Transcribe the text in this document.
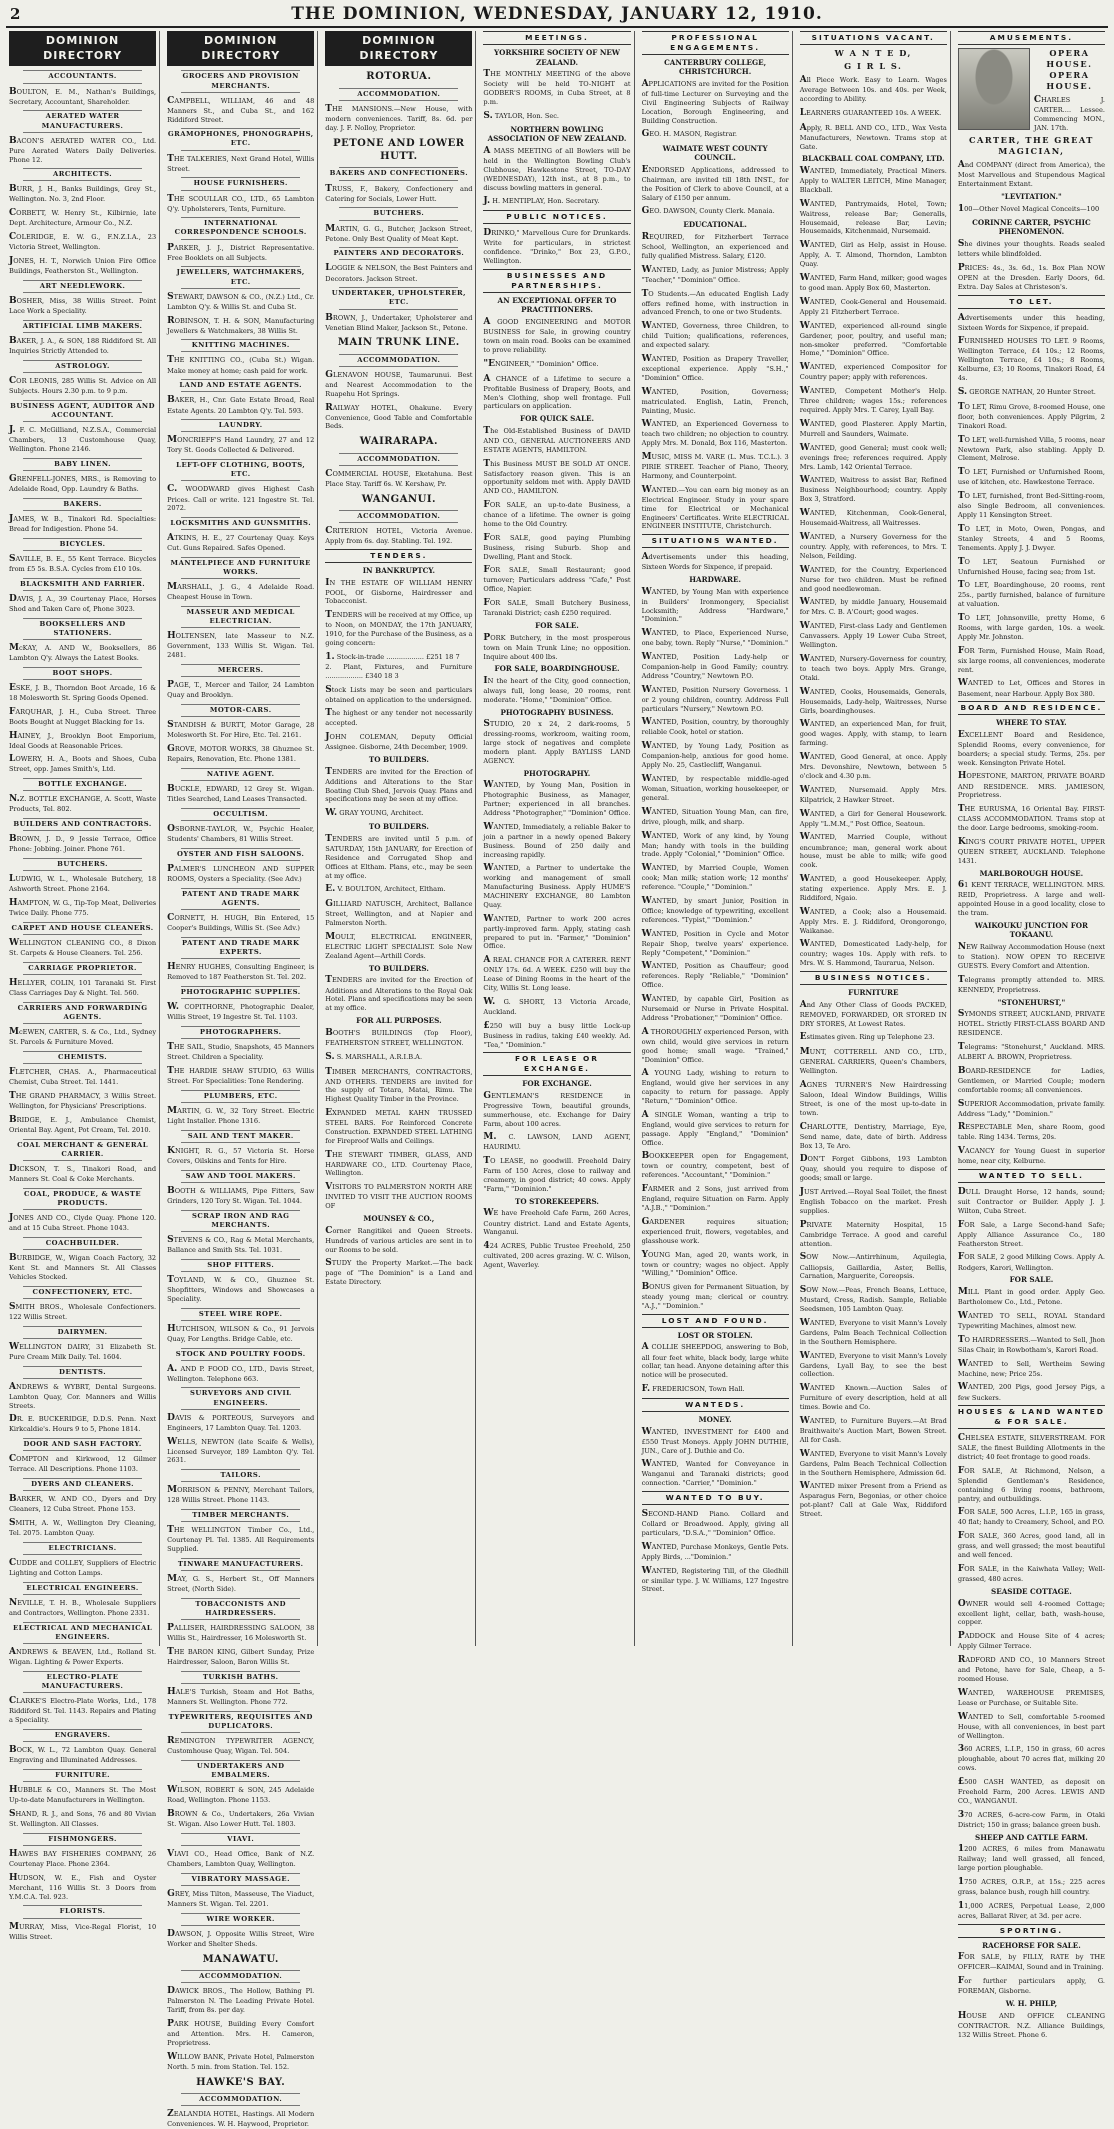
2	THE DOMINION, WEDNESDAY, JANUARY 12, 1910.
DOMINION DIRECTORY
ACCOUNTANTS.
BOULTON, E. M., Nathan's Buildings, Secretary, Accountant, Shareholder.
AERATED WATER MANUFACTURERS.
BACON'S AERATED WATER CO., Ltd. Pure Aerated Waters Daily Deliveries. Phone 12.
ARCHITECTS.
BURR, J. H., Banks Buildings, Grey St., Wellington. No. 3, 2nd Floor.
CORBETT, W. Henry St., Kilbirnie, late Dept. Architecture, Armour Co., N.Z.
COLERIDGE, E. W. G., F.N.Z.I.A., 23 Victoria Street, Wellington.
JONES, H. T., Norwich Union Fire Office Buildings, Featherston St., Wellington.
ART NEEDLEWORK.
BOSHER, Miss, 38 Willis Street. Point Lace Work a Speciality.
ARTIFICIAL LIMB MAKERS.
BAKER, J. A., & SON, 188 Riddiford St. All Inquiries Strictly Attended to.
ASTROLOGY.
COR LEONIS, 285 Willis St. Advice on All Subjects. Hours 2.30 p.m. to 9 p.m.
BUSINESS AGENT, AUDITOR AND ACCOUNTANT.
J. F. C. McGilliand, N.Z.S.A., Commercial Chambers, 13 Customhouse Quay, Wellington. Phone 2146.
BABY LINEN.
GRENFELL-JONES, MRS., is Removing to Adelaide Road, Opp. Laundry & Baths.
BAKERS.
JAMES, W. B., Tinakori Rd. Specialties: Bread for Indigestion. Phone 54.
BICYCLES.
SAVILLE, B. E., 55 Kent Terrace. Bicycles from £5 5s. B.S.A. Cycles from £10 10s.
BLACKSMITH AND FARRIER.
DAVIS, J. A., 39 Courtenay Place, Horses Shod and Taken Care of, Phone 3023.
BOOKSELLERS AND STATIONERS.
McKAY, A. AND W., Booksellers, 86 Lambton Q'y. Always the Latest Books.
BOOT SHOPS.
ESKE, J. B., Thorndon Boot Arcade, 16 & 18 Molesworth St. Spring Goods Opened.
FARQUHAR, J. H., Cuba Street. Three Boots Bought at Nugget Blacking for 1s.
HAINEY, J., Brooklyn Boot Emporium, Ideal Goods at Reasonable Prices.
LOWERY, H. A., Boots and Shoes, Cuba Street, opp. James Smith's, Ltd.
BOTTLE EXCHANGE.
N.Z. BOTTLE EXCHANGE, A. Scott, Waste Products, Tel. 802.
BUILDERS AND CONTRACTORS.
BROWN, J. D., 9 Jessie Terrace, Office Phone: Jobbing. Joiner. Phone 761.
BUTCHERS.
LUDWIG, W. L., Wholesale Butchery, 18 Ashworth Street. Phone 2164.
HAMPTON, W. G., Tip-Top Meat, Deliveries Twice Daily. Phone 775.
CARPET AND HOUSE CLEANERS.
WELLINGTON CLEANING CO., 8 Dixon St. Carpets & House Cleaners. Tel. 256.
CARRIAGE PROPRIETOR.
HELLYER, COLIN, 101 Taranaki St. First Class Carriages Day & Night. Tel. 560.
CARRIERS AND FORWARDING AGENTS.
McEWEN, CARTER, S. & Co., Ltd., Sydney St. Parcels & Furniture Moved.
CHEMISTS.
FLETCHER, CHAS. A., Pharmaceutical Chemist, Cuba Street. Tel. 1441.
THE GRAND PHARMACY, 3 Willis Street. Wellington, for Physicians' Prescriptions.
BRIDGE, E. J., Ambulance Chemist, Oriental Bay. Agent, Pot Cream, Tel. 2010.
COAL MERCHANT & GENERAL CARRIER.
DICKSON, T. S., Tinakori Road, and Manners St. Coal & Coke Merchants.
COAL, PRODUCE, & WASTE PRODUCTS.
JONES AND CO., Clyde Quay. Phone 120. and at 15 Cuba Street. Phone 1043.
COACHBUILDER.
BURBIDGE, W., Wigan Coach Factory, 32 Kent St. and Manners St. All Classes Vehicles Stocked.
CONFECTIONERY, ETC.
SMITH BROS., Wholesale Confectioners. 122 Willis Street.
DAIRYMEN.
WELLINGTON DAIRY, 31 Elizabeth St. Pure Cream Milk Daily. Tel. 1604.
DENTISTS.
ANDREWS & WYBRT, Dental Surgeons. Lambton Quay, Cor. Manners and Willis Streets.
DR. E. BUCKERIDGE, D.D.S. Penn. Next Kirkcaldie's. Hours 9 to 5, Phone 1814.
DOOR AND SASH FACTORY.
COMPTON and Kirkwood, 12 Gilmer Terrace. All Descriptions. Phone 1103.
DYERS AND CLEANERS.
BARKER, W. AND CO., Dyers and Dry Cleaners, 12 Cuba Street. Phone 153.
SMITH, A. W., Wellington Dry Cleaning, Tel. 2075. Lambton Quay.
ELECTRICIANS.
CUDDE and COLLEY, Suppliers of Electric Lighting and Cotton Lamps.
ELECTRICAL ENGINEERS.
NEVILLE, T. H. B., Wholesale Suppliers and Contractors, Wellington. Phone 2331.
ELECTRICAL AND MECHANICAL ENGINEERS.
ANDREWS & BEAVEN, Ltd., Rolland St. Wigan. Lighting & Power Experts.
ELECTRO-PLATE MANUFACTURERS.
CLARKE'S Electro-Plate Works, Ltd., 178 Riddiford St. Tel. 1143. Repairs and Plating a Speciality.
ENGRAVERS.
BOCK, W. L., 72 Lambton Quay. General Engraving and Illuminated Addresses.
FURNITURE.
HUBBLE & CO., Manners St. The Most Up-to-date Manufacturers in Wellington.
SHAND, R. J., and Sons, 76 and 80 Vivian St. Wellington. All Classes.
FISHMONGERS.
HAWES BAY FISHERIES COMPANY, 26 Courtenay Place. Phone 2364.
HUDSON, W. E., Fish and Oyster Merchant, 116 Willis St. 3 Doors from Y.M.C.A. Tel. 923.
FLORISTS.
MURRAY, Miss, Vice-Regal Florist, 10 Willis Street.
DOMINION DIRECTORY
GROCERS AND PROVISION MERCHANTS.
CAMPBELL, WILLIAM, 46 and 48 Manners St., and Cuba St., and 162 Riddiford Street.
GRAMOPHONES, PHONOGRAPHS, ETC.
THE TALKERIES, Next Grand Hotel, Willis Street.
HOUSE FURNISHERS.
THE SCOULLAR CO., LTD., 65 Lambton Q'y. Upholsterers, Tents, Furniture.
INTERNATIONAL CORRESPONDENCE SCHOOLS.
PARKER, J. J., District Representative. Free Booklets on all Subjects.
JEWELLERS, WATCHMAKERS, ETC.
STEWART, DAWSON & CO., (N.Z.) Ltd., Cr. Lambton Q'y. & Willis St. and Cuba St.
ROBINSON, T. H. & SON, Manufacturing Jewellers & Watchmakers, 38 Willis St.
KNITTING MACHINES.
THE KNITTING CO., (Cuba St.) Wigan. Make money at home; cash paid for work.
LAND AND ESTATE AGENTS.
BAKER, H., Cnr. Gate Estate Broad, Real Estate Agents. 20 Lambton Q'y. Tel. 593.
LAUNDRY.
MONCRIEFF'S Hand Laundry, 27 and 12 Tory St. Goods Collected & Delivered.
LEFT-OFF CLOTHING, BOOTS, ETC.
C. WOODWARD gives Highest Cash Prices. Call or write. 121 Ingestre St. Tel. 2072.
LOCKSMITHS AND GUNSMITHS.
ATKINS, H. E., 27 Courtenay Quay. Keys Cut. Guns Repaired. Safes Opened.
MANTELPIECE AND FURNITURE WORKS.
MARSHALL, J. G., 4 Adelaide Road. Cheapest House in Town.
MASSEUR AND MEDICAL ELECTRICIAN.
HOLTENSEN, late Masseur to N.Z. Government, 133 Willis St. Wigan. Tel. 2481.
MERCERS.
PAGE, T., Mercer and Tailor, 24 Lambton Quay and Brooklyn.
MOTOR-CARS.
STANDISH & BURTT, Motor Garage, 28 Molesworth St. For Hire, Etc. Tel. 2161.
GROVE, MOTOR WORKS, 38 Ghuznee St. Repairs, Renovation, Etc. Phone 1381.
NATIVE AGENT.
BUCKLE, EDWARD, 12 Grey St. Wigan. Titles Searched, Land Leases Transacted.
OCCULTISM.
OSBORNE-TAYLOR, W., Psychic Healer, Students' Chambers, 81 Willis Street.
OYSTER AND FISH SALOONS.
PALMER'S LUNCHEON AND SUPPER ROOMS, Oysters a Speciality. (See Adv.)
PATENT AND TRADE MARK AGENTS.
CORNETT, H. HUGH, Bin Entered, 15 Cooper's Buildings, Willis St. (See Adv.)
PATENT AND TRADE MARK EXPERTS.
HENRY HUGHES, Consulting Engineer, is Removed to 187 Featherston St. Tel. 202.
PHOTOGRAPHIC SUPPLIES.
W. COPITHORNE, Photographic Dealer, Willis Street, 19 Ingestre St. Tel. 1103.
PHOTOGRAPHERS.
THE SAIL, Studio, Snapshots, 45 Manners Street. Children a Speciality.
THE HARDIE SHAW STUDIO, 63 Willis Street. For Specialities: Tone Rendering.
PLUMBERS, ETC.
MARTIN, G. W., 32 Tory Street. Electric Light Installer. Phone 1316.
SAIL AND TENT MAKER.
KNIGHT, R. G., 57 Victoria St. Horse Covers, Oilskins and Tents for Hire.
SAW AND TOOL MAKERS.
BOOTH & WILLIAMS, Pipe Fitters, Saw Grinders, 120 Tory St. Wigan. Tel. 1044.
SCRAP IRON AND RAG MERCHANTS.
STEVENS & CO., Rag & Metal Merchants, Ballance and Smith Sts. Tel. 1031.
SHOP FITTERS.
TOYLAND, W. & CO., Ghuznee St. Shopfitters, Windows and Showcases a Speciality.
STEEL WIRE ROPE.
HUTCHISON, WILSON & Co., 91 Jervois Quay, For Lengths. Bridge Cable, etc.
STOCK AND POULTRY FOODS.
A. AND P. FOOD CO., LTD., Davis Street, Wellington. Telephone 663.
SURVEYORS AND CIVIL ENGINEERS.
DAVIS & PORTEOUS, Surveyors and Engineers, 17 Lambton Quay. Tel. 1203.
WELLS, NEWTON (late Scaife & Wells), Licensed Surveyor, 189 Lambton Q'y. Tel. 2631.
TAILORS.
MORRISON & PENNY, Merchant Tailors, 128 Willis Street. Phone 1143.
TIMBER MERCHANTS.
THE WELLINGTON Timber Co., Ltd., Courtenay Pl. Tel. 1385. All Requirements Supplied.
TINWARE MANUFACTURERS.
MAY, G. S., Herbert St., Off Manners Street, (North Side).
TOBACCONISTS AND HAIRDRESSERS.
PALLISER, HAIRDRESSING SALOON, 38 Willis St., Hairdresser, 16 Molesworth St.
THE BARON KING, Gilbert Sunday, Prize Hairdresser, Saloon, Baron Willis St.
TURKISH BATHS.
HALE'S Turkish, Steam and Hot Baths, Manners St. Wellington. Phone 772.
TYPEWRITERS, REQUISITES AND DUPLICATORS.
REMINGTON TYPEWRITER AGENCY, Customhouse Quay, Wigan. Tel. 504.
UNDERTAKERS AND EMBALMERS.
WILSON, ROBERT & SON, 245 Adelaide Road, Wellington. Phone 1153.
BROWN & Co., Undertakers, 26a Vivian St. Wigan. Also Lower Hutt. Tel. 1803.
VIAVI.
VIAVI CO., Head Office, Bank of N.Z. Chambers, Lambton Quay, Wellington.
VIBRATORY MASSAGE.
GREY, Miss Tilton, Masseuse, The Viaduct, Manners St. Wigan. Tel. 2201.
WIRE WORKER.
DAWSON, J. Opposite Willis Street, Wire Worker and Shelter Sheds.
MANAWATU.
ACCOMMODATION.
DAWICK BROS., The Hollow, Bathing Pl. Palmerston N. The Leading Private Hotel. Tariff, from 8s. per day.
PARK HOUSE, Building Every Comfort and Attention. Mrs. H. Cameron, Proprietress.
WILLOW BANK, Private Hotel, Palmerston North. 5 min. from Station. Tel. 152.
HAWKE'S BAY.
ACCOMMODATION.
ZEALANDIA HOTEL, Hastings. All Modern Conveniences. W. H. Haywood, Proprietor.
DOMINION DIRECTORY
ROTORUA.
ACCOMMODATION.
THE MANSIONS.—New House, with modern conveniences. Tariff, 8s. 6d. per day. J. F. Nolloy, Proprietor.
PETONE AND LOWER HUTT.
BAKERS AND CONFECTIONERS.
TRUSS, F., Bakery, Confectionery and Catering for Socials, Lower Hutt.
BUTCHERS.
MARTIN, G. G., Butcher, Jackson Street, Petone. Only Best Quality of Meat Kept.
PAINTERS AND DECORATORS.
LOGGIE & NELSON, the Best Painters and Decorators. Jackson Street.
UNDERTAKER, UPHOLSTERER, ETC.
BROWN, J., Undertaker, Upholsterer and Venetian Blind Maker, Jackson St., Petone.
MAIN TRUNK LINE.
ACCOMMODATION.
GLENAVON HOUSE, Taumarunui. Best and Nearest Accommodation to the Ruapehu Hot Springs.
RAILWAY HOTEL, Ohakune. Every Convenience, Good Table and Comfortable Beds.
WAIRARAPA.
ACCOMMODATION.
COMMERCIAL HOUSE, Eketahuna. Best Place Stay. Tariff 6s. W. Kershaw, Pr.
WANGANUI.
ACCOMMODATION.
CRITERION HOTEL, Victoria Avenue. Apply from 6s. day. Stabling. Tel. 192.
TENDERS.
IN BANKRUPTCY.
IN THE ESTATE OF WILLIAM HENRY POOL, Of Gisborne, Hairdresser and Tobacconist.
TENDERS will be received at my Office, up to Noon, on MONDAY, the 17th JANUARY, 1910, for the Purchase of the Business, as a going concern:
1. Stock-in-trade .................. £251 18 7
2. Plant, Fixtures, and Furniture .................. £340 18 3
Stock Lists may be seen and particulars obtained on application to the undersigned.
The highest or any tender not necessarily accepted.
JOHN COLEMAN, Deputy Official Assignee. Gisborne, 24th December, 1909.
TO BUILDERS.
TENDERS are invited for the Erection of Additions and Alterations to the Star Boating Club Shed, Jervois Quay. Plans and specifications may be seen at my office.
W. GRAY YOUNG, Architect.
TO BUILDERS.
TENDERS are invited until 5 p.m. of SATURDAY, 15th JANUARY, for Erection of Residence and Corrugated Shop and Offices at Eltham. Plans, etc., may be seen at my office.
E. V. BOULTON, Architect, Eltham.
GILLIARD NATUSCH, Architect, Ballance Street, Wellington, and at Napier and Palmerston North.
MOULT, ELECTRICAL ENGINEER, ELECTRIC LIGHT SPECIALIST. Sole New Zealand Agent—Arthill Cords.
TO BUILDERS.
TENDERS are invited for the Erection of Additions and Alterations to the Royal Oak Hotel. Plans and specifications may be seen at my office.
FOR ALL PURPOSES.
BOOTH'S BUILDINGS (Top Floor), FEATHERSTON STREET, WELLINGTON.
S. S. MARSHALL, A.R.I.B.A.
TIMBER MERCHANTS, CONTRACTORS, AND OTHERS. TENDERS are invited for the supply of Totara, Matai, Rimu. The Highest Quality Timber in the Province.
EXPANDED METAL KAHN TRUSSED STEEL BARS. For Reinforced Concrete Construction. EXPANDED STEEL LATHING for Fireproof Walls and Ceilings.
THE STEWART TIMBER, GLASS, AND HARDWARE CO., LTD. Courtenay Place, Wellington.
VISITORS TO PALMERSTON NORTH ARE INVITED TO VISIT THE AUCTION ROOMS OF
MOUNSEY & CO.,
Corner Rangitikei and Queen Streets. Hundreds of various articles are sent in to our Rooms to be sold.
STUDY the Property Market.—The back page of "The Dominion" is a Land and Estate Directory.
MEETINGS.
YORKSHIRE SOCIETY OF NEW ZEALAND.
THE MONTHLY MEETING of the above Society will be held TO-NIGHT at GODBER'S ROOMS, in Cuba Street, at 8 p.m.
S. TAYLOR, Hon. Sec.
NORTHERN BOWLING ASSOCIATION OF NEW ZEALAND.
A MASS MEETING of all Bowlers will be held in the Wellington Bowling Club's Clubhouse, Hawkestone Street, TO-DAY (WEDNESDAY), 12th inst., at 8 p.m., to discuss bowling matters in general.
J. H. MENTIPLAY, Hon. Secretary.
PUBLIC NOTICES.
DRINKO," Marvellous Cure for Drunkards. Write for particulars, in strictest confidence. "Drinko," Box 23, G.P.O., Wellington.
BUSINESSES AND PARTNERSHIPS.
AN EXCEPTIONAL OFFER TO PRACTITIONERS.
A GOOD ENGINEERING and MOTOR BUSINESS for Sale, in growing country town on main road. Books can be examined to prove reliability.
"ENGINEER," "Dominion" Office.
A CHANCE of a Lifetime to secure a Profitable Business of Drapery, Boots, and Men's Clothing, shop well frontage. Full particulars on application.
FOR QUICK SALE.
The Old-Established Business of DAVID AND CO., GENERAL AUCTIONEERS AND ESTATE AGENTS, HAMILTON.
This Business MUST BE SOLD AT ONCE. Satisfactory reason given. This is an opportunity seldom met with. Apply DAVID AND CO., HAMILTON.
FOR SALE, an up-to-date Business, a chance of a lifetime. The owner is going home to the Old Country.
FOR SALE, good paying Plumbing Business, rising Suburb. Shop and Dwelling, Plant and Stock.
FOR SALE, Small Restaurant; good turnover; Particulars address "Cafe," Post Office, Napier.
FOR SALE, Small Butchery Business, Taranaki District; cash £250 required.
FOR SALE.
PORK Butchery, in the most prosperous town on Main Trunk Line; no opposition. Inquire about 400 lbs.
FOR SALE, BOARDINGHOUSE.
IN the heart of the City, good connection, always full, long lease, 20 rooms, rent moderate. "Home," "Dominion" Office.
PHOTOGRAPHY BUSINESS.
STUDIO, 20 x 24, 2 dark-rooms, 5 dressing-rooms, workroom, waiting room, large stock of negatives and complete modern plant. Apply BAYLISS LAND AGENCY.
PHOTOGRAPHY.
WANTED, by Young Man, Position in Photographic Business, as Manager, Partner; experienced in all branches. Address "Photographer," "Dominion" Office.
WANTED, Immediately, a reliable Baker to join a partner in a newly opened Bakery Business. Bound of 250 daily and increasing rapidly.
WANTED, a Partner to undertake the working and management of small Manufacturing Business. Apply HUME'S MACHINERY EXCHANGE, 80 Lambton Quay.
WANTED, Partner to work 200 acres partly-improved farm. Apply, stating cash prepared to put in. "Farmer," "Dominion" Office.
A REAL CHANCE FOR A CATERER. RENT ONLY 17s. 6d. A WEEK. £250 will buy the Lease of Dining Rooms in the heart of the City, Willis St. Long lease.
W. G. SHORT, 13 Victoria Arcade, Auckland.
£250 will buy a busy little Lock-up Business in radius, taking £40 weekly. Ad. "Tea," "Dominion."
FOR LEASE OR EXCHANGE.
FOR EXCHANGE.
GENTLEMAN'S RESIDENCE in Progressive Town, beautiful grounds, summerhouse, etc. Exchange for Dairy Farm, about 100 acres.
M. C. LAWSON, LAND AGENT, HAURIMU.
TO LEASE, no goodwill. Freehold Dairy Farm of 150 Acres, close to railway and creamery, in good district; 40 cows. Apply "Farm," "Dominion."
TO STOREKEEPERS.
WE have Freehold Cafe Farm, 260 Acres, Country district. Land and Estate Agents, Wanganui.
424 ACRES, Public Trustee Freehold, 250 cultivated, 200 acres grazing. W. C. Wilson, Agent, Waverley.
PROFESSIONAL ENGAGEMENTS.
CANTERBURY COLLEGE, CHRISTCHURCH.
APPLICATIONS are invited for the Position of full-time Lecturer on Surveying and the Civil Engineering Subjects of Railway Location, Borough Engineering, and Building Construction.
GEO. H. MASON, Registrar.
WAIMATE WEST COUNTY COUNCIL.
ENDORSED Applications, addressed to Chairman, are invited till 18th INST., for the Position of Clerk to above Council, at a Salary of £150 per annum.
GEO. DAWSON, County Clerk. Manaia.
EDUCATIONAL.
REQUIRED, for Fitzherbert Terrace School, Wellington, an experienced and fully qualified Mistress. Salary, £120.
WANTED, Lady, as Junior Mistress; Apply "Teacher," "Dominion" Office.
TO Students.—An educated English Lady offers refined home, with instruction in advanced French, to one or two Students.
WANTED, Governess, three Children, to child Tuition; qualifications, references, and expected salary.
WANTED, Position as Drapery Traveller, exceptional experience. Apply "S.H.," "Dominion" Office.
WANTED, Position, Governess; matriculated. English, Latin, French, Painting, Music.
WANTED, an Experienced Governess to teach two children; no objection to country. Apply Mrs. M. Donald, Box 116, Masterton.
MUSIC, MISS M. VARE (L. Mus. T.C.L.). 3 PIRIE STREET. Teacher of Piano, Theory, Harmony, and Counterpoint.
WANTED.—You can earn big money as an Electrical Engineer. Study in your spare time for Electrical or Mechanical Engineers' Certificates. Write ELECTRICAL ENGINEER INSTITUTE, Christchurch.
SITUATIONS WANTED.
Advertisements under this heading, Sixteen Words for Sixpence, if prepaid.
HARDWARE.
WANTED, by Young Man with experience in Builders' Ironmongery, Specialist Locksmith; Address "Hardware," "Dominion."
WANTED, to Place, Experienced Nurse, one baby, town. Reply "Nurse," "Dominion."
WANTED, Position Lady-help or Companion-help in Good Family; country. Address "Country," Newtown P.O.
WANTED, Position Nursery Governess. 1 or 2 young children, country. Address Full particulars "Nursery," Newtown P.O.
WANTED, Position, country, by thoroughly reliable Cook, hotel or station.
WANTED, by Young Lady, Position as Companion-help, anxious for good home. Apply No. 25, Castlecliff, Wanganui.
WANTED, by respectable middle-aged Woman, Situation, working housekeeper, or general.
WANTED, Situation Young Man, can fire, drive, plough, milk, and sharp.
WANTED, Work of any kind, by Young Man; handy with tools in the building trade. Apply "Colonial," "Dominion" Office.
WANTED, by Married Couple, Women cook; Man milk; station work; 12 months' reference. "Couple," "Dominion."
WANTED, by smart Junior, Position in Office; knowledge of typewriting, excellent references. "Typist," "Dominion."
WANTED, Position in Cycle and Motor Repair Shop, twelve years' experience. Reply "Competent," "Dominion."
WANTED, Position as Chauffeur; good references. Reply "Reliable," "Dominion" Office.
WANTED, by capable Girl, Position as Nursemaid or Nurse in Private Hospital. Address "Probationer," "Dominion" Office.
A THOROUGHLY experienced Person, with own child, would give services in return good home; small wage. "Trained," "Dominion" Office.
A YOUNG Lady, wishing to return to England, would give her services in any capacity to return for passage. Apply "Return," "Dominion" Office.
A SINGLE Woman, wanting a trip to England, would give services to return for passage. Apply "England," "Dominion" Office.
BOOKKEEPER open for Engagement, town or country, competent, best of references. "Accountant," "Dominion."
FARMER and 2 Sons, just arrived from England, require Situation on Farm. Apply "A.J.B.," "Dominion."
GARDENER requires situation; experienced fruit, flowers, vegetables, and glasshouse work.
YOUNG Man, aged 20, wants work, in town or country; wages no object. Apply "Willing," "Dominion" Office.
BONUS given for Permanent Situation, by steady young man; clerical or country. "A.J.," "Dominion."
LOST AND FOUND.
LOST OR STOLEN.
A COLLIE SHEEPDOG, answering to Bob, all four feet white, black body, large white collar, tan head. Anyone detaining after this notice will be prosecuted.
F. FREDERICSON, Town Hall.
WANTEDS.
MONEY.
WANTED, INVESTMENT for £400 and £550 Trust Moneys. Apply JOHN DUTHIE, JUN., Care of J. Duthie and Co.
WANTED, Wanted for Conveyance in Wanganui and Taranaki districts; good connection. "Carrier," "Dominion."
WANTED TO BUY.
SECOND-HAND Piano. Collard and Collard or Broadwood. Apply, giving all particulars, "D.S.A.," "Dominion" Office.
WANTED, Purchase Monkeys, Gentle Pets. Apply Birds, ..."Dominion."
WANTED, Registering Till, of the Gledhill or similar type. J. W. Williams, 127 Ingestre Street.
SITUATIONS VACANT.
W A N T E D,
G I R L S.
All Piece Work. Easy to Learn. Wages Average Between 10s. and 40s. per Week, according to Ability.
LEARNERS GUARANTEED 10s. A WEEK.
Apply, R. BELL AND CO., LTD., Wax Vesta Manufacturers, Newtown. Trams stop at Gate.
BLACKBALL COAL COMPANY, LTD.
WANTED, Immediately, Practical Miners. Apply to WALTER LEITCH, Mine Manager, Blackball.
WANTED, Pantrymaids, Hotel, Town; Waitress, release Bar; Generalls, Housemaid, release Bar, Levin; Housemaids, Kitchenmaid, Nursemaid.
WANTED, Girl as Help, assist in House. Apply, A. T. Almond, Thorndon, Lambton Quay.
WANTED, Farm Hand, milker; good wages to good man. Apply Box 60, Masterton.
WANTED, Cook-General and Housemaid. Apply 21 Fitzherbert Terrace.
WANTED, experienced all-round single Gardener, poor, poultry, and useful man; non-smoker preferred. "Comfortable Home," "Dominion" Office.
WANTED, experienced Compositor for Country paper; apply with references.
WANTED, Competent Mother's Help. Three children; wages 15s.; references required. Apply Mrs. T. Carey, Lyall Bay.
WANTED, good Plasterer. Apply Martin, Murrell and Saunders, Waimate.
WANTED, good General; must cook well; evenings free; references required. Apply Mrs. Lamb, 142 Oriental Terrace.
WANTED, Waitress to assist Bar, Refined Business Neighbourhood; country. Apply Box 3, Stratford.
WANTED, Kitchenman, Cook-General, Housemaid-Waitress, all Waitresses.
WANTED, a Nursery Governess for the country. Apply, with references, to Mrs. T. Nelson, Feilding.
WANTED, for the Country, Experienced Nurse for two children. Must be refined and good needlewoman.
WANTED, by middle January, Housemaid for Mrs. C. B. A'Court; good wages.
WANTED, First-class Lady and Gentlemen Canvassers. Apply 19 Lower Cuba Street, Wellington.
WANTED, Nursery-Governess for country, to teach two boys. Apply Mrs. Grange, Otaki.
WANTED, Cooks, Housemaids, Generals, Housemaids, Lady-help, Waitresses, Nurse Girls, boardinghouses.
WANTED, an experienced Man, for fruit, good wages. Apply, with stamp, to learn farming.
WANTED, Good General, at once. Apply Mrs. Devonshire, Newtown, between 5 o'clock and 4.30 p.m.
WANTED, Nursemaid. Apply Mrs. Kilpatrick, 2 Hawker Street.
WANTED, a Girl for General Housework. Apply "L.M.M.," Post Office, Seatoun.
WANTED, Married Couple, without encumbrance; man, general work about house, must be able to milk; wife good cook.
WANTED, a good Housekeeper. Apply, stating experience. Apply Mrs. E. J. Riddiford, Ngaio.
WANTED, a Cook; also a Housemaid. Apply Mrs. E. J. Riddiford, Orongorongo, Waikanae.
WANTED, Domesticated Lady-help, for country; wages 10s. Apply with refs. to Mrs. W. S. Hammond, Taurarua, Nelson.
BUSINESS NOTICES.
FURNITURE
And Any Other Class of Goods PACKED, REMOVED, FORWARDED, OR STORED IN DRY STORES, At Lowest Rates.
Estimates given. Ring up Telephone 23.
MUNT, COTTERELL AND CO., LTD., GENERAL CARRIERS, Queen's Chambers, Wellington.
AGNES TURNER'S New Hairdressing Saloon, Ideal Window Buildings, Willis Street, is one of the most up-to-date in town.
CHARLOTTE, Dentistry, Marriage, Eye, Send name, date, date of birth. Address Box 13, Te Aro.
DON'T Forget Gibbons, 193 Lambton Quay, should you require to dispose of goods; small or large.
JUST Arrived.—Royal Seal Toilet, the finest English Tobacco on the market. Fresh supplies.
PRIVATE Maternity Hospital, 15 Cambridge Terrace. A good and careful attention.
SOW Now.—Antirrhinum, Aquilegia, Calliopsis, Gaillardia, Aster, Bellis, Carnation, Marguerite, Coreopsis.
SOW Now.—Peas, French Beans, Lettuce, Mustard, Cress, Radish. Sample, Reliable Seedsmen, 105 Lambton Quay.
WANTED, Everyone to visit Mann's Lovely Gardens, Palm Beach Technical Collection in the Southern Hemisphere.
WANTED, Everyone to visit Mann's Lovely Gardens, Lyall Bay, to see the best collection.
WANTED Known.—Auction Sales of Furniture of every description, held at all times. Bowie and Co.
WANTED, to Furniture Buyers.—At Brad Braithwaite's Auction Mart, Bowen Street. All for Cash.
WANTED, Everyone to visit Mann's Lovely Gardens, Palm Beach Technical Collection in the Southern Hemisphere, Admission 6d.
WANTED mixer Present from a Friend as Asparagus Fern, Begonias, or other choice pot-plant? Call at Gale Wax, Riddiford Street.
AMUSEMENTS.
OPERA HOUSE. OPERA HOUSE.
CHARLES J. CARTER.... Lessee. Commencing MON., JAN. 17th.
CARTER, THE GREAT MAGICIAN,
And COMPANY (direct from America), the Most Marvellous and Stupendous Magical Entertainment Extant.
"LEVITATION."
100—Other Novel Magical Conceits—100
CORINNE CARTER, PSYCHIC PHENOMENON.
She divines your thoughts. Reads sealed letters while blindfolded.
PRICES: 4s., 3s. 6d., 1s. Box Plan NOW OPEN at the Dresden. Early Doors, 6d. Extra. Day Sales at Christeson's.
TO LET.
Advertisements under this heading, Sixteen Words for Sixpence, if prepaid.
FURNISHED HOUSES TO LET. 9 Rooms, Wellington Terrace, £4 10s.; 12 Rooms, Wellington Terrace, £4 10s.; 8 Rooms, Kelburne, £3; 10 Rooms, Tinakori Road, £4 4s.
S. GEORGE NATHAN, 20 Hunter Street.
TO LET, Rimu Grove, 8-roomed House, one floor, both conveniences. Apply Pilgrim, 2 Tinakori Road.
TO LET, well-furnished Villa, 5 rooms, near Newtown Park, also stabling. Apply D. Clement, Melrose.
TO LET, Furnished or Unfurnished Room, use of kitchen, etc. Hawkestone Terrace.
TO LET, furnished, front Bed-Sitting-room, also Single Bedroom, all conveniences. Apply 11 Kensington Street.
TO LET, in Moto, Owen, Pongas, and Stanley Streets, 4 and 5 Rooms, Tenements. Apply J. J. Dwyer.
TO LET, Seatoun Furnished or Unfurnished House, facing sea; from 1st.
TO LET, Boardinghouse, 20 rooms, rent 25s., partly furnished, balance of furniture at valuation.
TO LET, Johnsonville, pretty Home, 6 Rooms, with large garden, 10s. a week. Apply Mr. Johnston.
FOR Term, Furnished House, Main Road, six large rooms, all conveniences, moderate rent.
WANTED to Let, Offices and Stores in Basement, near Harbour. Apply Box 380.
BOARD AND RESIDENCE.
WHERE TO STAY.
EXCELLENT Board and Residence, Splendid Rooms, every convenience, for boarders; a special study. Terms, 25s. per week. Kensington Private Hotel.
HOPESTONE, MARTON, PRIVATE BOARD AND RESIDENCE. MRS. JAMIESON, Proprietress.
THE EURUSMA, 16 Oriental Bay. FIRST-CLASS ACCOMMODATION. Trams stop at the door. Large bedrooms, smoking-room.
KING'S COURT PRIVATE HOTEL, UPPER QUEEN STREET, AUCKLAND. Telephone 1431.
MARLBOROUGH HOUSE.
61 KENT TERRACE, WELLINGTON. MRS. REID, Proprietress. A large and well-appointed House in a good locality, close to the tram.
WAIKOUKU JUNCTION FOR TOKAANU.
NEW Railway Accommodation House (next to Station). NOW OPEN TO RECEIVE GUESTS. Every Comfort and Attention.
Telegrams promptly attended to. MRS. KENNEDY, Proprietress.
"STONEHURST,"
SYMONDS STREET, AUCKLAND, PRIVATE HOTEL. Strictly FIRST-CLASS BOARD AND RESIDENCE.
Telegrams: "Stonehurst," Auckland. MRS. ALBERT A. BROWN, Proprietress.
BOARD-RESIDENCE for Ladies, Gentlemen, or Married Couple; modern comfortable rooms; all conveniences.
SUPERIOR Accommodation, private family. Address "Lady," "Dominion."
RESPECTABLE Men, share Room, good table. Ring 1434. Terms, 20s.
VACANCY for Young Guest in superior home, near city, Kelburne.
WANTED TO SELL.
DULL Draught Horse, 12 hands, sound; suit Contractor or Builder. Apply J. J. Wilton, Cuba Street.
FOR Sale, a Large Second-hand Safe; Apply Alliance Assurance Co., 180 Featherston Street.
FOR SALE, 2 good Milking Cows. Apply A. Rodgers, Karori, Wellington.
FOR SALE.
MILL Plant in good order. Apply Geo. Bartholomew Co., Ltd., Petone.
WANTED TO SELL, ROYAL Standard Typewriting Machines, almost new.
TO HAIRDRESSERS.—Wanted to Sell, Jhon Silas Chair, in Rowbotham's, Karori Road.
WANTED to Sell, Wertheim Sewing Machine, new; Price 25s.
WANTED, 200 Pigs, good Jersey Pigs, a few Suckers.
HOUSES & LAND WANTED & FOR SALE.
CHELSEA ESTATE, SILVERSTREAM. FOR SALE, the finest Building Allotments in the district; 40 feet frontage to good roads.
FOR SALE, At Richmond, Nelson, a Splendid Gentleman's Residence, containing 6 living rooms, bathroom, pantry, and outbuildings.
FOR SALE, 500 Acres, L.I.P., 165 in grass, 40 flat; handy to Creamery, School, and P.O.
FOR SALE, 360 Acres, good land, all in grass, and well grassed; the most beautiful and well fenced.
FOR SALE, in the Kaiwhata Valley; Well-grassed, 480 acres.
SEASIDE COTTAGE.
OWNER would sell 4-roomed Cottage; excellent light, cellar, bath, wash-house, copper.
PADDOCK and House Site of 4 acres; Apply Gilmer Terrace.
RADFORD AND CO., 10 Manners Street and Petone, have for Sale, Cheap, a 5-roomed House.
WANTED, WAREHOUSE PREMISES, Lease or Purchase, or Suitable Site.
WANTED to Sell, comfortable 5-roomed House, with all conveniences, in best part of Wellington.
360 ACRES, L.I.P., 150 in grass, 60 acres ploughable, about 70 acres flat, milking 20 cows.
£500 CASH WANTED, as deposit on Freehold Farm, 200 Acres. LEWIS AND CO., WANGANUI.
370 ACRES, 6-acre-cow Farm, in Otaki District; 150 in grass; balance green bush.
SHEEP AND CATTLE FARM.
1200 ACRES, 6 miles from Manawatu Railway; land well grassed, all fenced, large portion ploughable.
1750 ACRES, O.R.P., at 15s.; 225 acres grass, balance bush, rough hill country.
11,000 ACRES, Perpetual Lease, 2,000 acres, Ballarat River, at 3d. per acre.
SPORTING.
RACEHORSE FOR SALE.
FOR SALE, by FILLY, RATE by THE OFFICER—KAIMAI, Sound and in Training.
For further particulars apply, G. FOREMAN, Gisborne.
W. H. PHILP,
HOUSE AND OFFICE CLEANING CONTRACTOR. N.Z. Alliance Buildings, 132 Willis Street. Phone 6.
